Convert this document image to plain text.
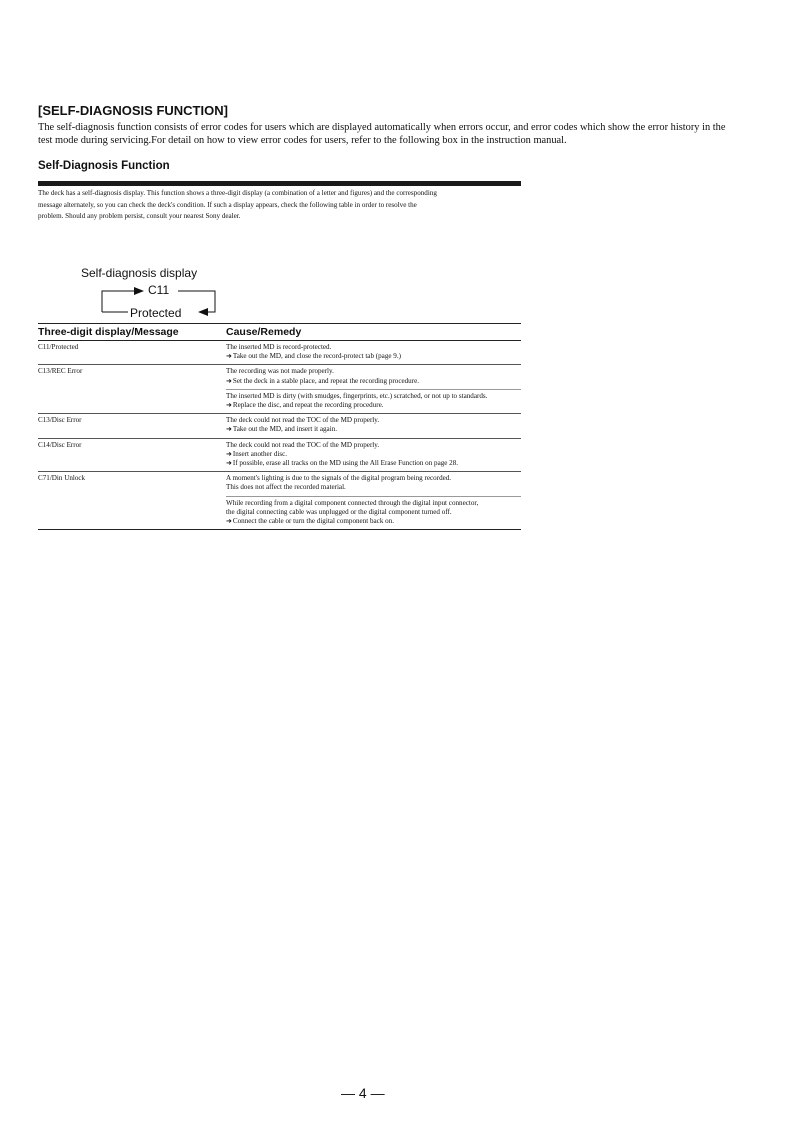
[SELF-DIAGNOSIS FUNCTION]

The self-diagnosis function consists of error codes for users which are displayed automatically when errors occur, and error codes which show the error history in the test mode during servicing.For detail on how to view error codes for users, refer to the following box in the instruction manual.

Self-Diagnosis Function

The deck has a self-diagnosis display. This function shows a three-digit display (a combination of a letter and figures) and the corresponding message alternately, so you can check the deck's condition. If such a display appears, check the following table in order to resolve the problem. Should any problem persist, consult your nearest Sony dealer.

Self-diagnosis display
C11
Protected
Three-digit display/Message	Cause/Remedy
C11/Protected	The inserted MD is record-protected.
➜Take out the MD, and close the record-protect tab (page 9.)

C13/REC Error	The recording was not made properly.
➜Set the deck in a stable place, and repeat the recording procedure.

	The inserted MD is dirty (with smudges, fingerprints, etc.) scratched, or not up to standards.
➜Replace the disc, and repeat the recording procedure.

C13/Disc Error	The deck could not read the TOC of the MD properly.
➜Take out the MD, and insert it again.

C14/Disc Error	The deck could not read the TOC of the MD properly.
➜Insert another disc.
➜If possible, erase all tracks on the MD using the All Erase Function on page 28.

C71/Din Unlock	A moment's lighting is due to the signals of the digital program being recorded.
This does not affect the recorded material.

	While recording from a digital component connected through the digital input connector,
the digital connecting cable was unplugged or the digital component turned off.
➜Connect the cable or turn the digital component back on.
— 4 —
